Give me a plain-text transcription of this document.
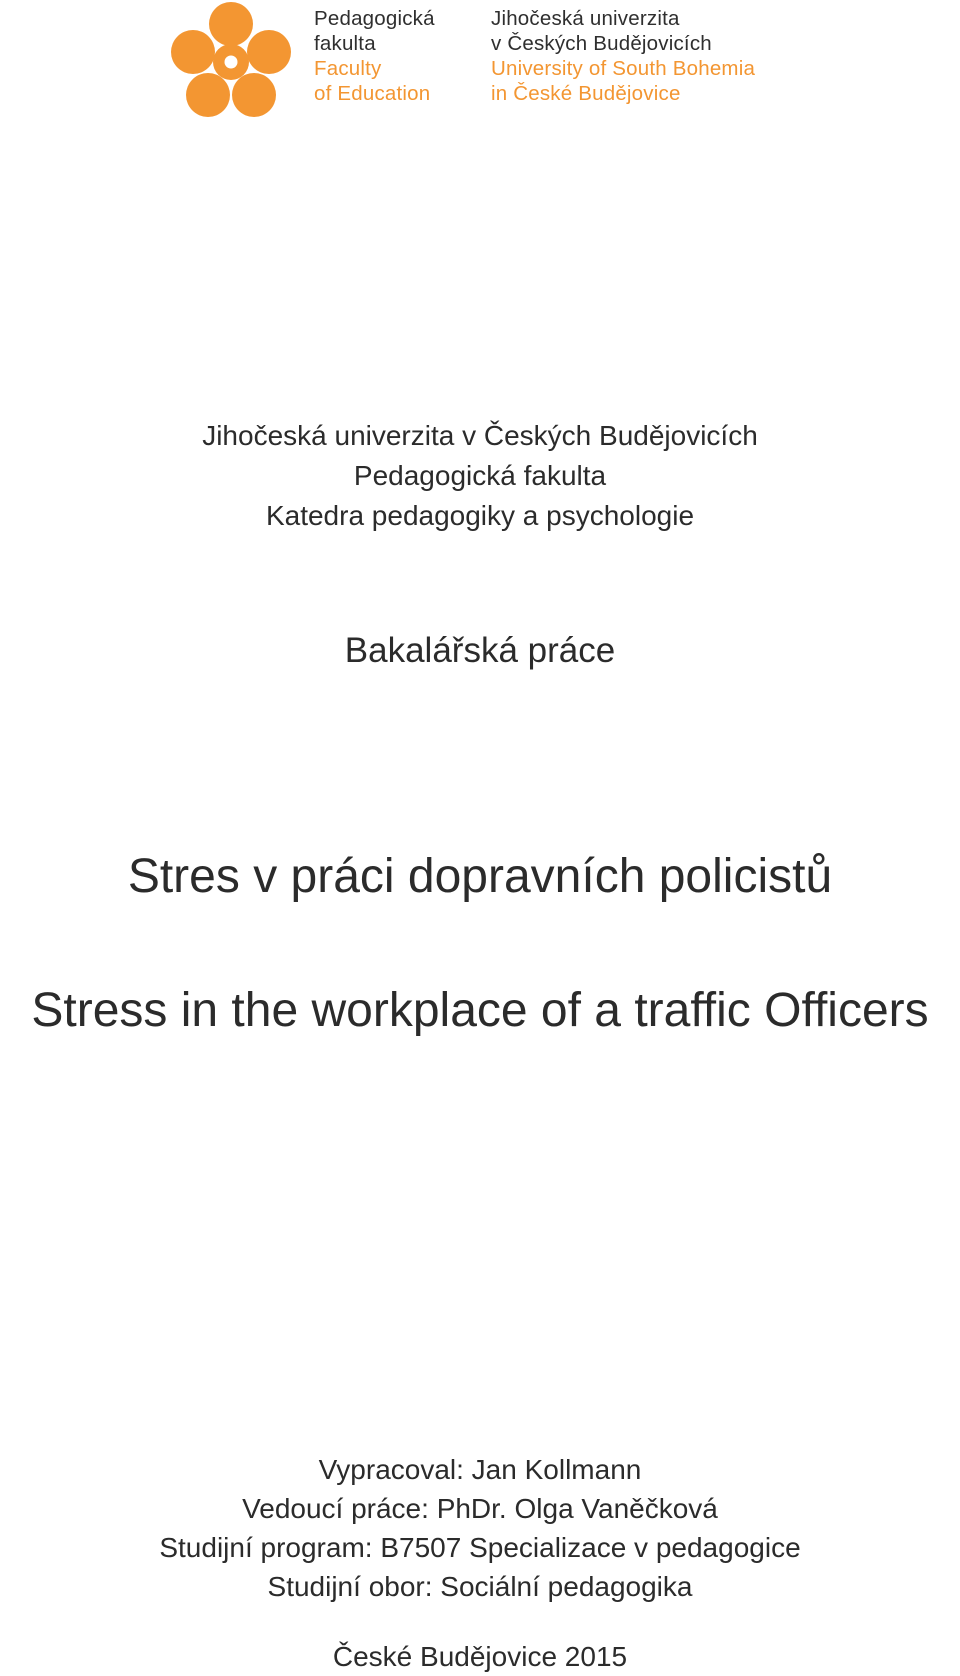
Pedagogická
fakulta
Faculty
of Education
Jihočeská univerzita
v Českých Budějovicích
University of South Bohemia
in České Budějovice
Jihočeská univerzita v Českých Budějovicích
Pedagogická fakulta
Katedra pedagogiky a psychologie
Bakalářská práce
Stres v práci dopravních policistů
Stress in the workplace of a traffic Officers
Vypracoval: Jan Kollmann
Vedoucí práce: PhDr. Olga Vaněčková
Studijní program: B7507 Specializace v pedagogice
Studijní obor: Sociální pedagogika
České Budějovice 2015
